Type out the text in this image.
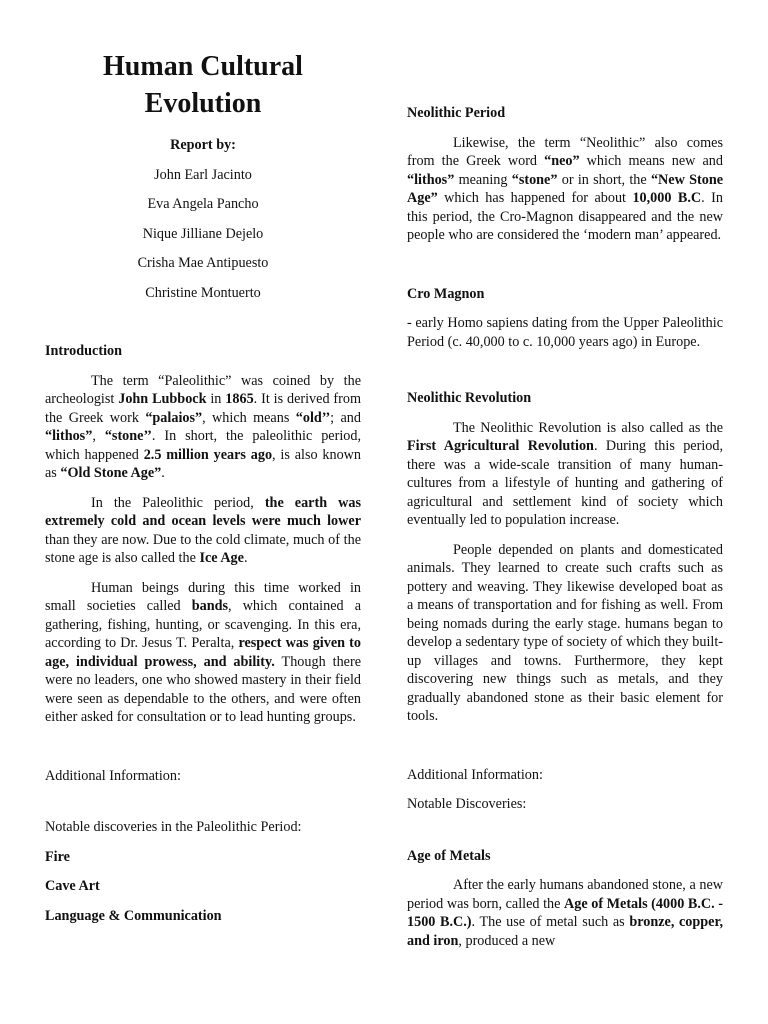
Human Cultural
Evolution

Report by:

John Earl Jacinto

Eva Angela Pancho

Nique Jilliane Dejelo

Crisha Mae Antipuesto

Christine Montuerto

Introduction

The term “Paleolithic” was coined by the archeologist John Lubbock in 1865. It is derived from the Greek work “palaios”, which means “old’’; and “lithos”, “stone’’. In short, the paleolithic period, which happened 2.5 million years ago, is also known as “Old Stone Age”.

In the Paleolithic period, the earth was extremely cold and ocean levels were much lower than they are now. Due to the cold climate, much of the stone age is also called the Ice Age.

Human beings during this time worked in small societies called bands, which contained a gathering, fishing, hunting, or scavenging. In this era, according to Dr. Jesus T. Peralta, respect was given to age, individual prowess, and ability. Though there were no leaders, one who showed mastery in their field were seen as dependable to the others, and were often either asked for consultation or to lead hunting groups.

Additional Information:

Notable discoveries in the Paleolithic Period:

Fire

Cave Art

Language & Communication

Neolithic Period

Likewise, the term “Neolithic” also comes from the Greek word “neo” which means new and “lithos” meaning “stone” or in short, the “New Stone Age” which has happened for about 10,000 B.C. In this period, the Cro-Magnon disappeared and the new people who are considered the ‘modern man’ appeared.

Cro Magnon

- early Homo sapiens dating from the Upper Paleolithic Period (c. 40,000 to c. 10,000 years ago) in Europe.

Neolithic Revolution

The Neolithic Revolution is also called as the First Agricultural Revolution. During this period, there was a wide-scale transition of many human-cultures from a lifestyle of hunting and gathering of agricultural and settlement kind of society which eventually led to population increase.

People depended on plants and domesticated animals. They learned to create such crafts such as pottery and weaving. They likewise developed boat as a means of transportation and for fishing as well. From being nomads during the early stage. humans began to develop a sedentary type of society of which they built-up villages and towns. Furthermore, they kept discovering new things such as metals, and they gradually abandoned stone as their basic element for tools.

Additional Information:

Notable Discoveries:

Age of Metals

After the early humans abandoned stone, a new period was born, called the Age of Metals (4000 B.C. - 1500 B.C.). The use of metal such as bronze, copper, and iron, produced a new
